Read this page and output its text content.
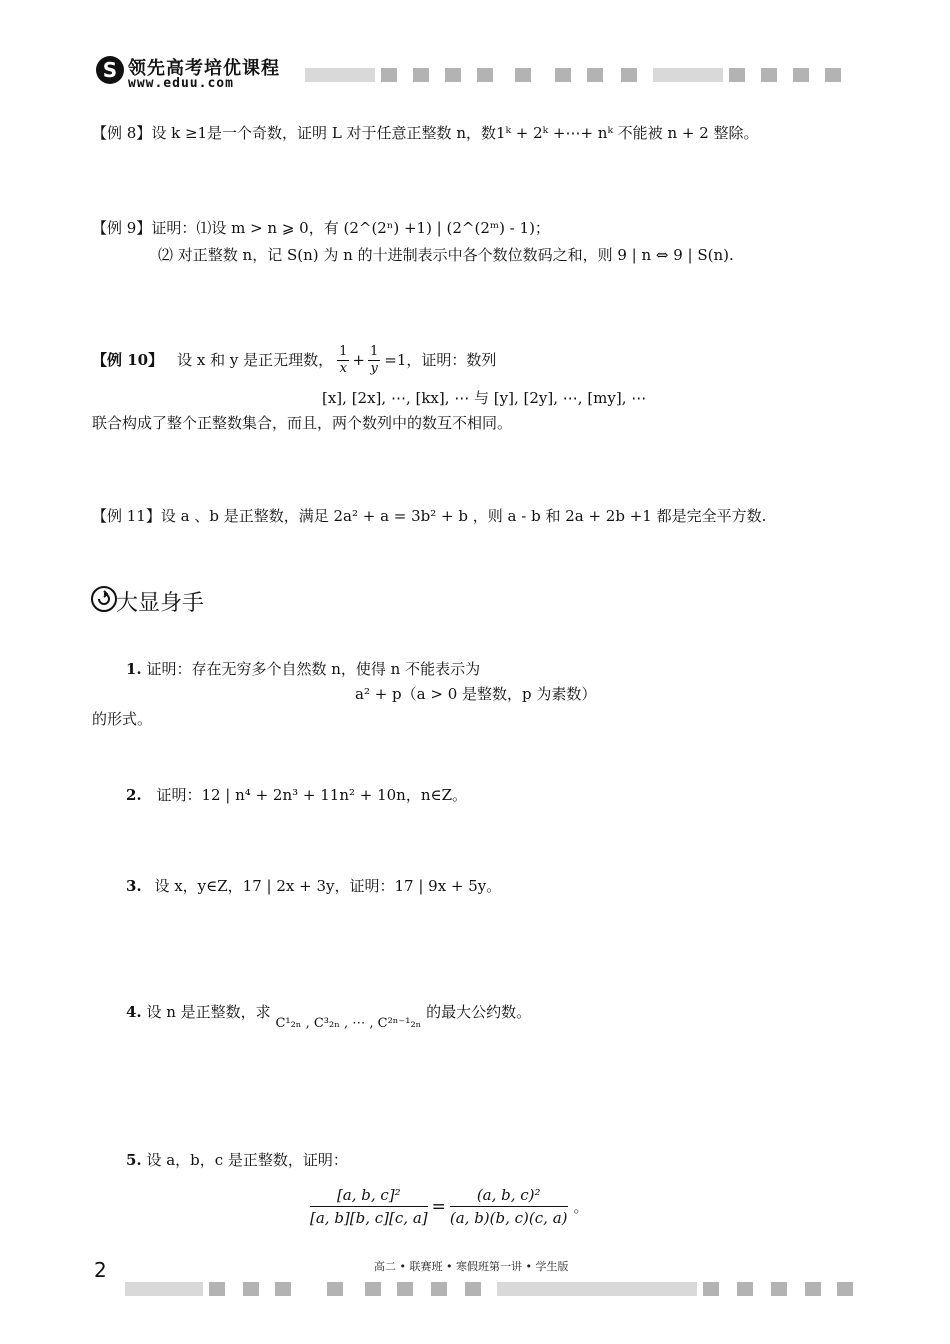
S 领先高考培优课程
www.eduu.com
【例 8】设 k ≥1是一个奇数，证明 L 对于任意正整数 n，数1ᵏ + 2ᵏ +⋯+ nᵏ 不能被 n + 2 整除。
【例 9】证明：⑴设 m > n ⩾ 0，有 (2^(2ⁿ) +1) | (2^(2ᵐ) - 1)；
⑵ 对正整数 n，记 S(n) 为 n 的十进制表示中各个数位数码之和，则 9 | n ⇔ 9 | S(n).
【例 10】 设 x 和 y 是正无理数， $\frac{1}{x} + \frac{1}{y} =1$，证明：数列
[x], [2x], ⋯, [kx], ⋯ 与 [y], [2y], ⋯, [my], ⋯
联合构成了整个正整数集合，而且，两个数列中的数互不相同。
【例 11】设 a 、b 是正整数，满足 2a² + a = 3b² + b ，则 a - b 和 2a + 2b +1 都是完全平方数.
大显身手
1. 证明：存在无穷多个自然数 n，使得 n 不能表示为
a² + p（a > 0 是整数，p 为素数）
的形式。
2. 证明：12 | n⁴ + 2n³ + 11n² + 10n，n∈Z。
3. 设 x，y∈Z，17 | 2x + 3y，证明：17 | 9x + 5y。
4. 设 n 是正整数，求 C¹₂ₙ , C³₂ₙ , ⋯ , C²ⁿ⁻¹₂ₙ 的最大公约数。
5. 设 a，b，c 是正整数，证明：
$\frac{\text{[a, b, c]²}}{[a, b][b, c][c, a]} = \frac{\text{(a, b, c)²}}{(a, b)(b, c)(c, a)}$ 。
2	高二 • 联赛班 • 寒假班第一讲 • 学生版
